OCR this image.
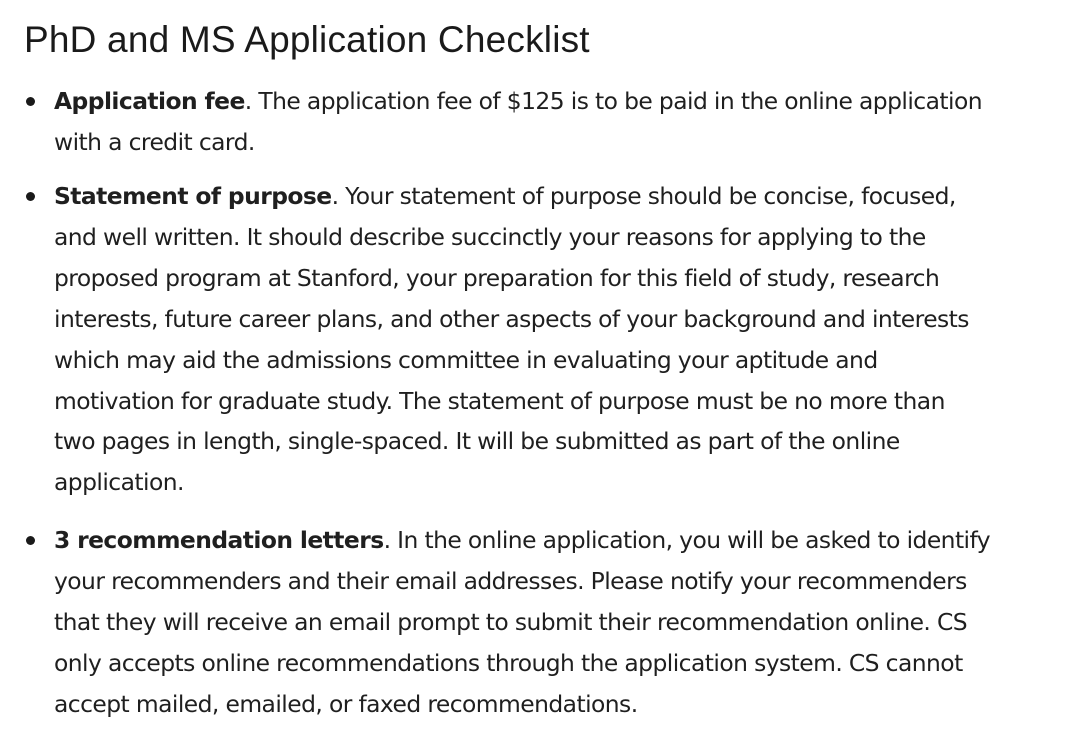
PhD and MS Application Checklist
Application fee. The application fee of $125 is to be paid in the online application
with a credit card.
Statement of purpose. Your statement of purpose should be concise, focused,
and well written. It should describe succinctly your reasons for applying to the
proposed program at Stanford, your preparation for this field of study, research
interests, future career plans, and other aspects of your background and interests
which may aid the admissions committee in evaluating your aptitude and
motivation for graduate study. The statement of purpose must be no more than
two pages in length, single-spaced. It will be submitted as part of the online
application.
3 recommendation letters. In the online application, you will be asked to identify
your recommenders and their email addresses. Please notify your recommenders
that they will receive an email prompt to submit their recommendation online. CS
only accepts online recommendations through the application system. CS cannot
accept mailed, emailed, or faxed recommendations.
